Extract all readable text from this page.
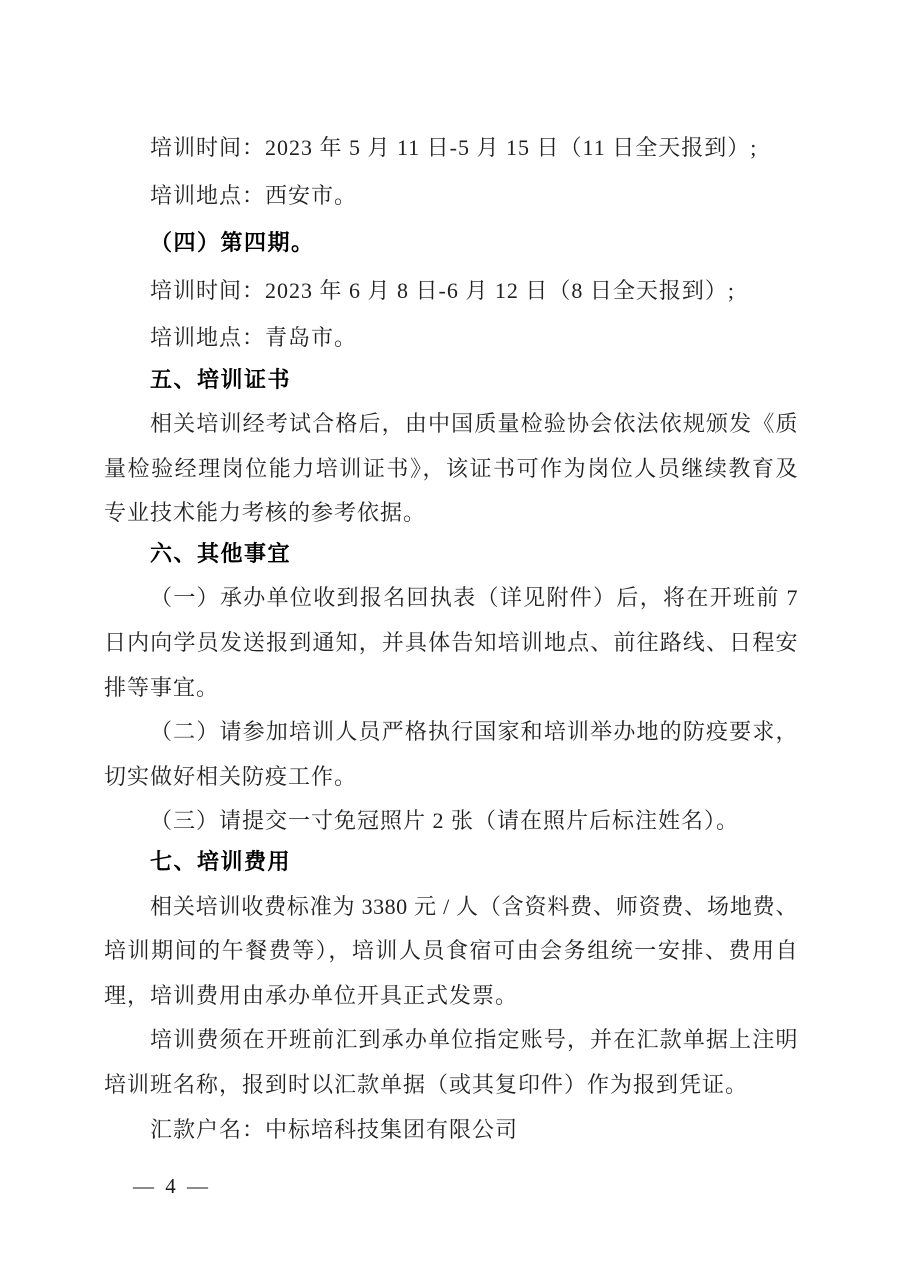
培训时间：2023 年 5 月 11 日-5 月 15 日（11 日全天报到）;
培训地点：西安市。
（四）第四期。
培训时间：2023 年 6 月 8 日-6 月 12 日（8 日全天报到）;
培训地点：青岛市。
五、培训证书
相关培训经考试合格后，由中国质量检验协会依法依规颁发《质
量检验经理岗位能力培训证书》，该证书可作为岗位人员继续教育及
专业技术能力考核的参考依据。
六、其他事宜
（一）承办单位收到报名回执表（详见附件）后，将在开班前 7
日内向学员发送报到通知，并具体告知培训地点、前往路线、日程安
排等事宜。
（二）请参加培训人员严格执行国家和培训举办地的防疫要求，
切实做好相关防疫工作。
（三）请提交一寸免冠照片 2 张（请在照片后标注姓名）。
七、培训费用
相关培训收费标准为 3380 元 / 人（含资料费、师资费、场地费、
培训期间的午餐费等），培训人员食宿可由会务组统一安排、费用自
理，培训费用由承办单位开具正式发票。
培训费须在开班前汇到承办单位指定账号，并在汇款单据上注明
培训班名称，报到时以汇款单据（或其复印件）作为报到凭证。
汇款户名：中标培科技集团有限公司
— 4 —
